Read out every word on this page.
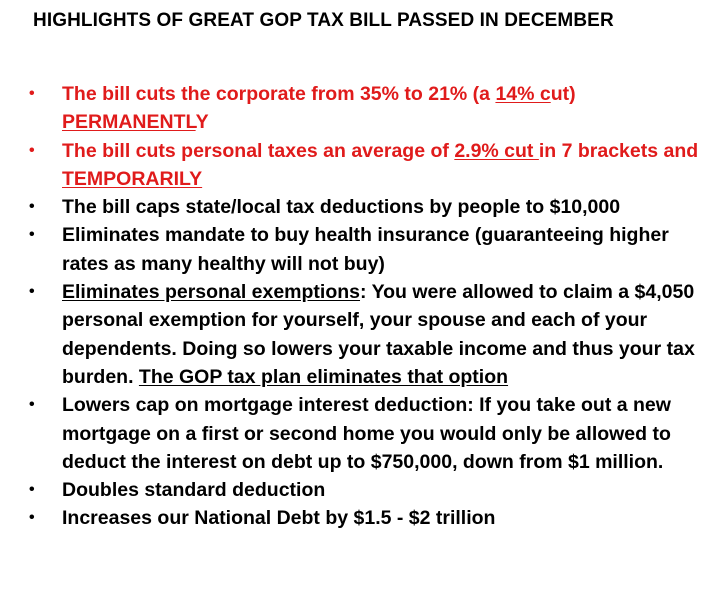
HIGHLIGHTS OF GREAT GOP TAX BILL PASSED IN DECEMBER
• The bill cuts the corporate from 35% to 21% (a 14% cut) PERMANENTLY
• The bill cuts personal taxes an average of 2.9% cut in 7 brackets and TEMPORARILY
• The bill caps state/local tax deductions by people to $10,000
• Eliminates mandate to buy health insurance (guaranteeing higher rates as many healthy will not buy)
• Eliminates personal exemptions: You were allowed to claim a $4,050 personal exemption for yourself, your spouse and each of your dependents. Doing so lowers your taxable income and thus your tax burden. The GOP tax plan eliminates that option
• Lowers cap on mortgage interest deduction: If you take out a new mortgage on a first or second home you would only be allowed to deduct the interest on debt up to $750,000, down from $1 million.
• Doubles standard deduction
• Increases our National Debt by $1.5 - $2 trillion
